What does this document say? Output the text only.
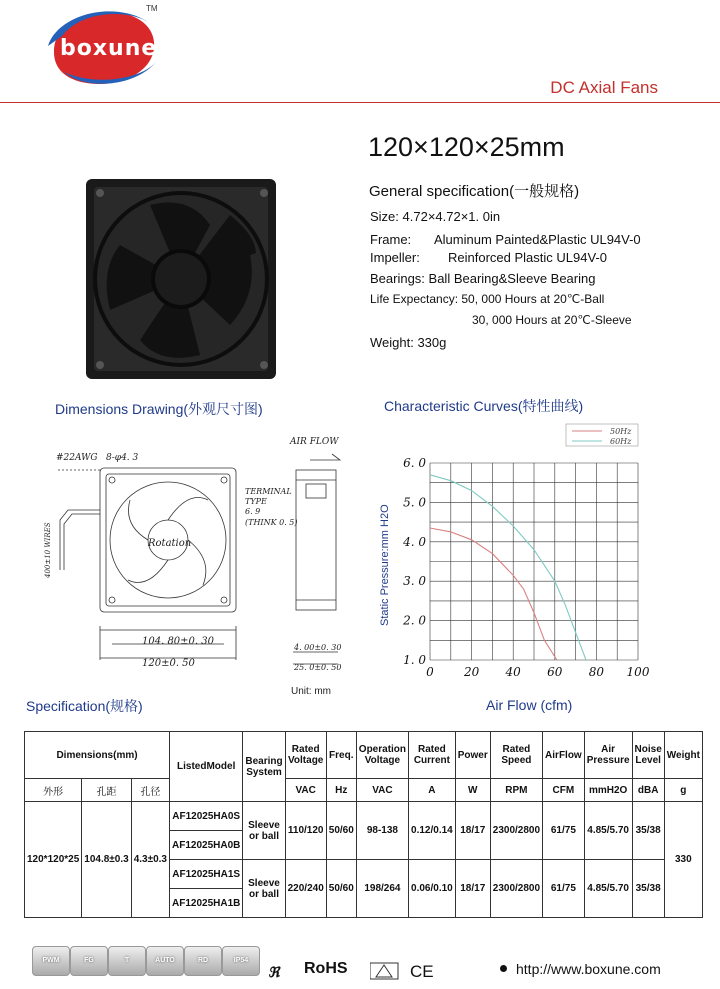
boxune
TM
DC Axial Fans
120×120×25mm
General specification(一般规格)
Size: 4.72×4.72×1. 0in
Frame: Aluminum Painted&Plastic UL94V-0
Impeller: Reinforced Plastic UL94V-0
Bearings: Ball Bearing&Sleeve Bearing
Life Expectancy: 50, 000 Hours at 20℃-Ball
30, 000 Hours at 20℃-Sleeve
Weight: 330g
Dimensions Drawing(外观尺寸图)	Characteristic Curves(特性曲线)
#22AWG 8-φ4. 3
AIR FLOW
TERMINAL
TYPE
6. 9
(THINK 0. 5)
Rotation
400±10 WIRES
104. 80±0. 30
120±0. 50
4. 00±0. 30
25. 0±0. 50
Unit: mm
0	20 40 60 80 100
1. 0
2. 0
3. 0
4. 0
5. 0
6. 0
Static Pressure:mm H2O
50Hz
60Hz
Specification(规格)	Air Flow (cfm)
Dimensions(mm)			ListedModel	Bearing System	Rated Voltage	Freq.	Operation Voltage	Rated Current	Power	Rated Speed	AirFlow	Air Pressure	Noise Level	Weight
外形	孔距	孔径			VAC	Hz	VAC	A	W	RPM	CFM	mmH2O	dBA	g
120*120*25	104.8±0.3	4.3±0.3	AF12025HA0S	Sleeve or ball	110/120	50/60	98-138	0.12/0.14	18/17	2300/2800	61/75	4.85/5.70	35/38	330
			AF12025HA0B											
			AF12025HA1S	Sleeve or ball	220/240	50/60	198/264	0.06/0.10	18/17	2300/2800	61/75	4.85/5.70	35/38	
			AF12025HA1B											
PWM	FG	T	AUTO	RD	IP54
ℜ RoHS	CE	http://www.boxune.com
